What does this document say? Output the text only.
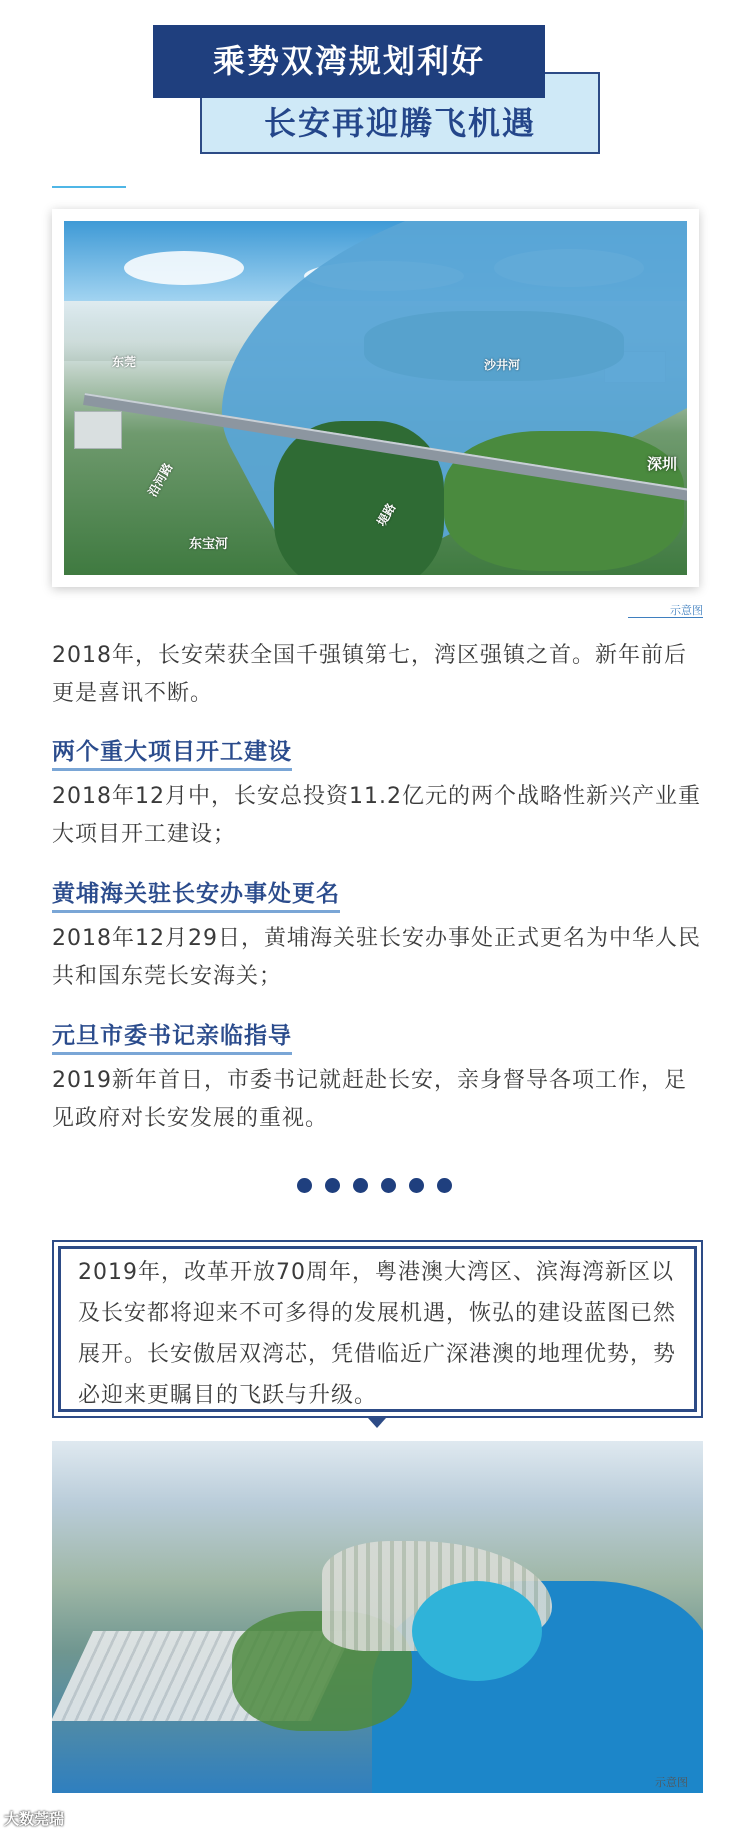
乘势双湾规划利好
长安再迎腾飞机遇
东莞	沙井河
深圳
东宝河
沿河路
堤路
示意图

2018年，长安荣获全国千强镇第七，湾区强镇之首。新年前后更是喜讯不断。

两个重大项目开工建设

2018年12月中，长安总投资11.2亿元的两个战略性新兴产业重大项目开工建设；

黄埔海关驻长安办事处更名

2018年12月29日，黄埔海关驻长安办事处正式更名为中华人民共和国东莞长安海关；

元旦市委书记亲临指导

2019新年首日，市委书记就赶赴长安，亲身督导各项工作，足见政府对长安发展的重视。

2019年，改革开放70周年，粤港澳大湾区、滨海湾新区以及长安都将迎来不可多得的发展机遇，恢弘的建设蓝图已然展开。长安傲居双湾芯，凭借临近广深港澳的地理优势，势必迎来更瞩目的飞跃与升级。

示意图
大数莞瑞
